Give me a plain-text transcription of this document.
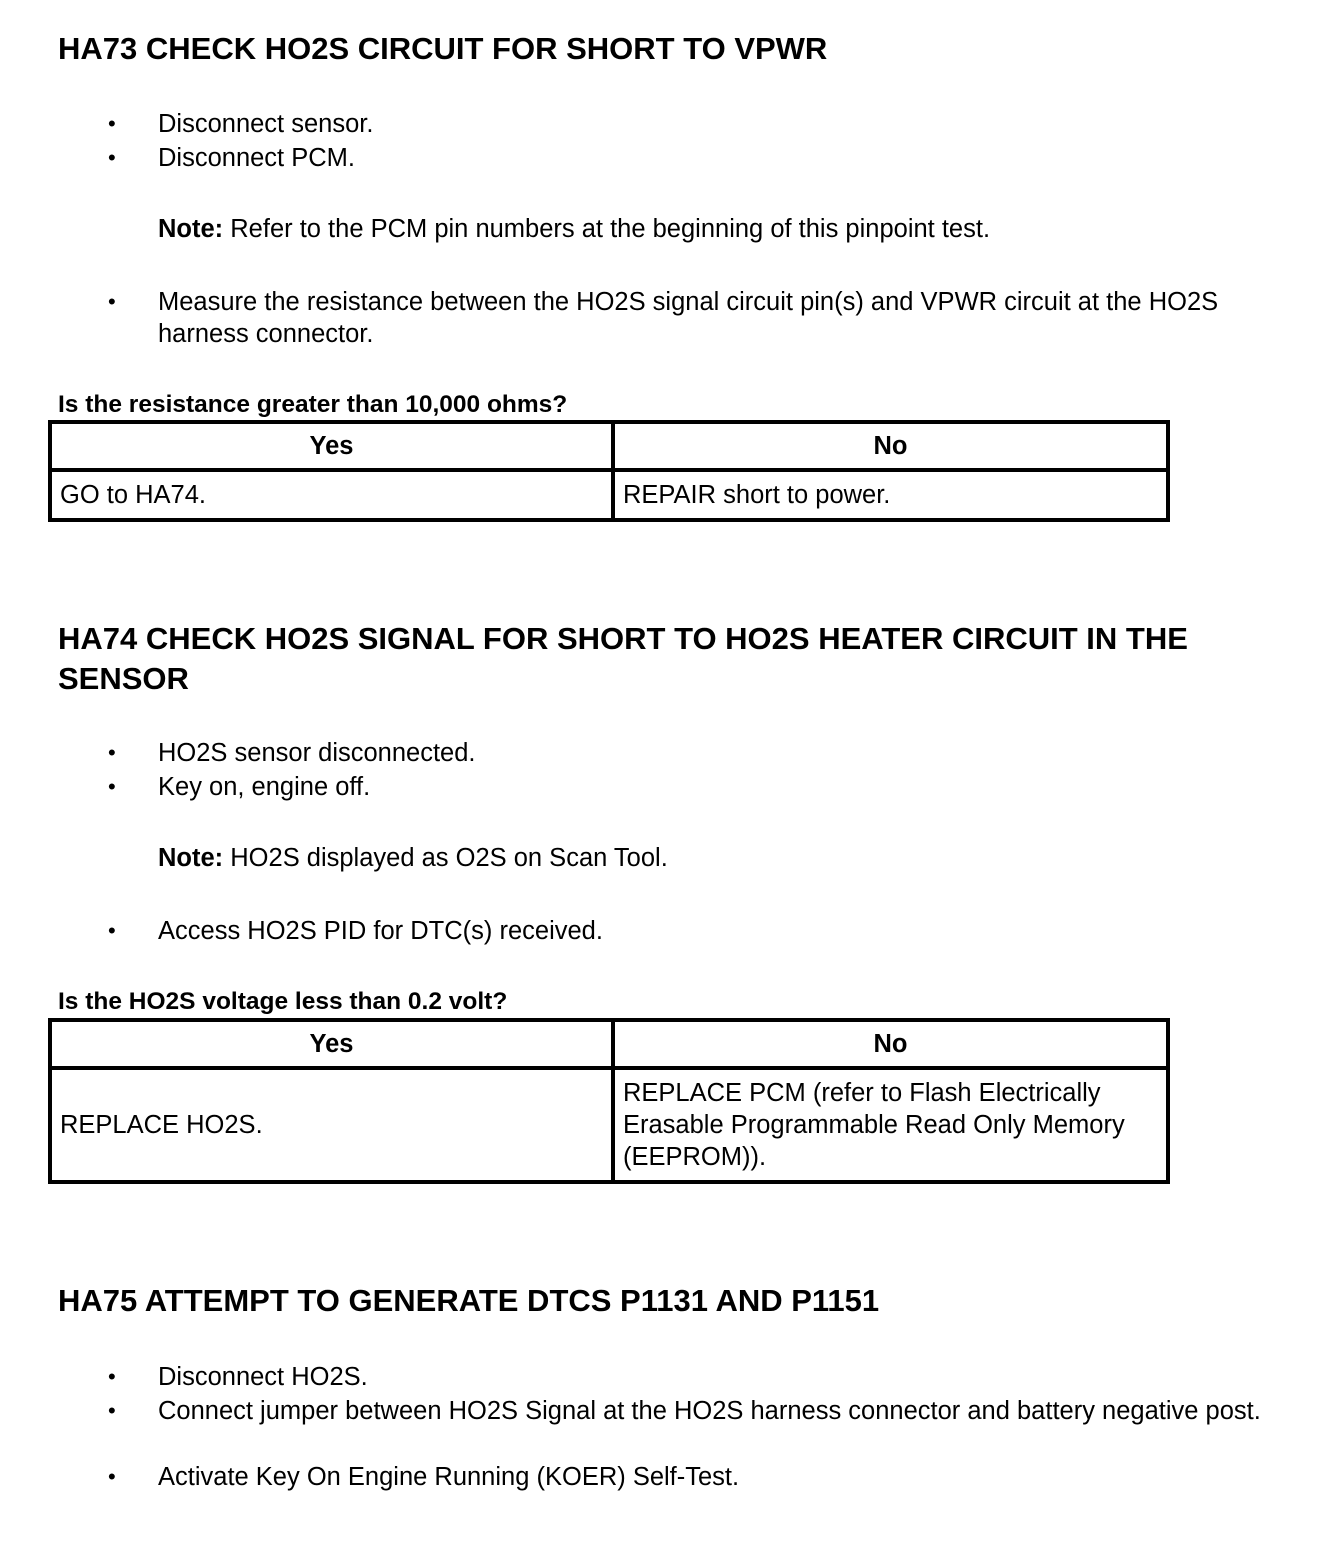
HA73 CHECK HO2S CIRCUIT FOR SHORT TO VPWR
• Disconnect sensor.
• Disconnect PCM.
Note: Refer to the PCM pin numbers at the beginning of this pinpoint test.
• Measure the resistance between the HO2S signal circuit pin(s) and VPWR circuit at the HO2S harness connector.
Is the resistance greater than 10,000 ohms?
Yes	No
GO to HA74.	REPAIR short to power.
HA74 CHECK HO2S SIGNAL FOR SHORT TO HO2S HEATER CIRCUIT IN THE SENSOR
• HO2S sensor disconnected.
• Key on, engine off.
Note: HO2S displayed as O2S on Scan Tool.
• Access HO2S PID for DTC(s) received.
Is the HO2S voltage less than 0.2 volt?
Yes	No
REPLACE HO2S.	REPLACE PCM (refer to Flash Electrically Erasable Programmable Read Only Memory (EEPROM)).
HA75 ATTEMPT TO GENERATE DTCS P1131 AND P1151
• Disconnect HO2S.
• Connect jumper between HO2S Signal at the HO2S harness connector and battery negative post.
• Activate Key On Engine Running (KOER) Self-Test.
